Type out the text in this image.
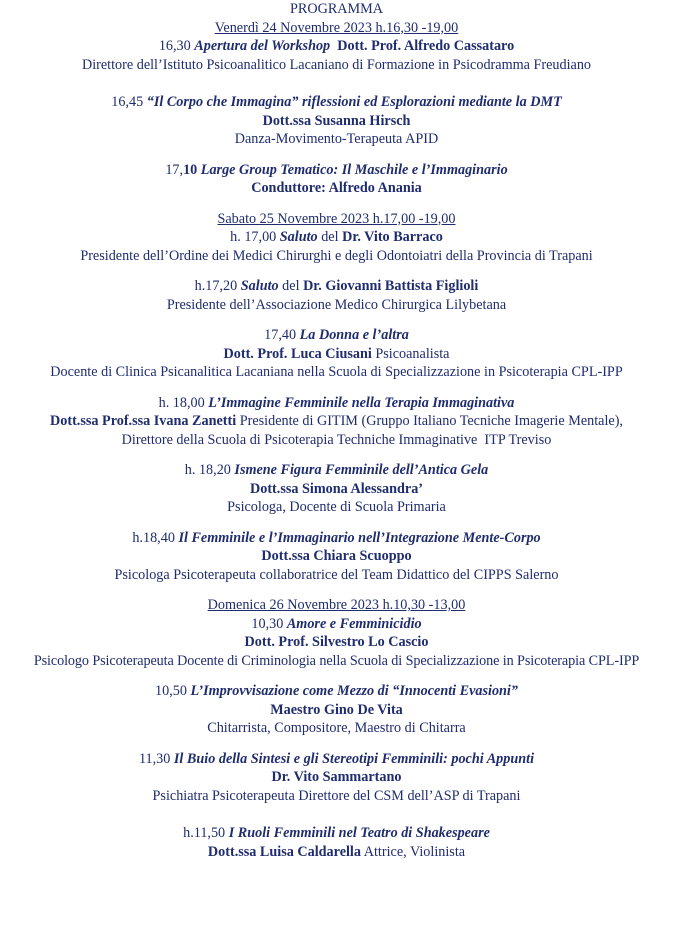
PROGRAMMA
Venerdì 24 Novembre 2023 h.16,30 -19,00
16,30 Apertura del Workshop Dott. Prof. Alfredo Cassataro
Direttore dell’Istituto Psicoanalitico Lacaniano di Formazione in Psicodramma Freudiano
16,45 “Il Corpo che Immagina” riflessioni ed Esplorazioni mediante la DMT
Dott.ssa Susanna Hirsch
Danza-Movimento-Terapeuta APID
17,10 Large Group Tematico: Il Maschile e l’Immaginario
Conduttore: Alfredo Anania
Sabato 25 Novembre 2023 h.17,00 -19,00
h. 17,00 Saluto del Dr. Vito Barraco
Presidente dell’Ordine dei Medici Chirurghi e degli Odontoiatri della Provincia di Trapani
h.17,20 Saluto del Dr. Giovanni Battista Figlioli
Presidente dell’Associazione Medico Chirurgica Lilybetana
17,40 La Donna e l’altra
Dott. Prof. Luca Ciusani Psicoanalista
Docente di Clinica Psicanalitica Lacaniana nella Scuola di Specializzazione in Psicoterapia CPL-IPP
h. 18,00 L’Immagine Femminile nella Terapia Immaginativa
Dott.ssa Prof.ssa Ivana Zanetti Presidente di GITIM (Gruppo Italiano Tecniche Imagerie Mentale),
Direttore della Scuola di Psicoterapia Techniche Immaginative  ITP Treviso
h. 18,20 Ismene Figura Femminile dell’Antica Gela
Dott.ssa Simona Alessandra’
Psicologa, Docente di Scuola Primaria
h.18,40 Il Femminile e l’Immaginario nell’Integrazione Mente-Corpo
Dott.ssa Chiara Scuoppo
Psicologa Psicoterapeuta collaboratrice del Team Didattico del CIPPS Salerno
Domenica 26 Novembre 2023 h.10,30 -13,00
10,30 Amore e Femminicidio
Dott. Prof. Silvestro Lo Cascio
Psicologo Psicoterapeuta Docente di Criminologia nella Scuola di Specializzazione in Psicoterapia CPL-IPP
10,50 L’Improvvisazione come Mezzo di “Innocenti Evasioni”
Maestro Gino De Vita
Chitarrista, Compositore, Maestro di Chitarra
11,30 Il Buio della Sintesi e gli Stereotipi Femminili: pochi Appunti
Dr. Vito Sammartano
Psichiatra Psicoterapeuta Direttore del CSM dell’ASP di Trapani
h.11,50 I Ruoli Femminili nel Teatro di Shakespeare
Dott.ssa Luisa Caldarella Attrice, Violinista
